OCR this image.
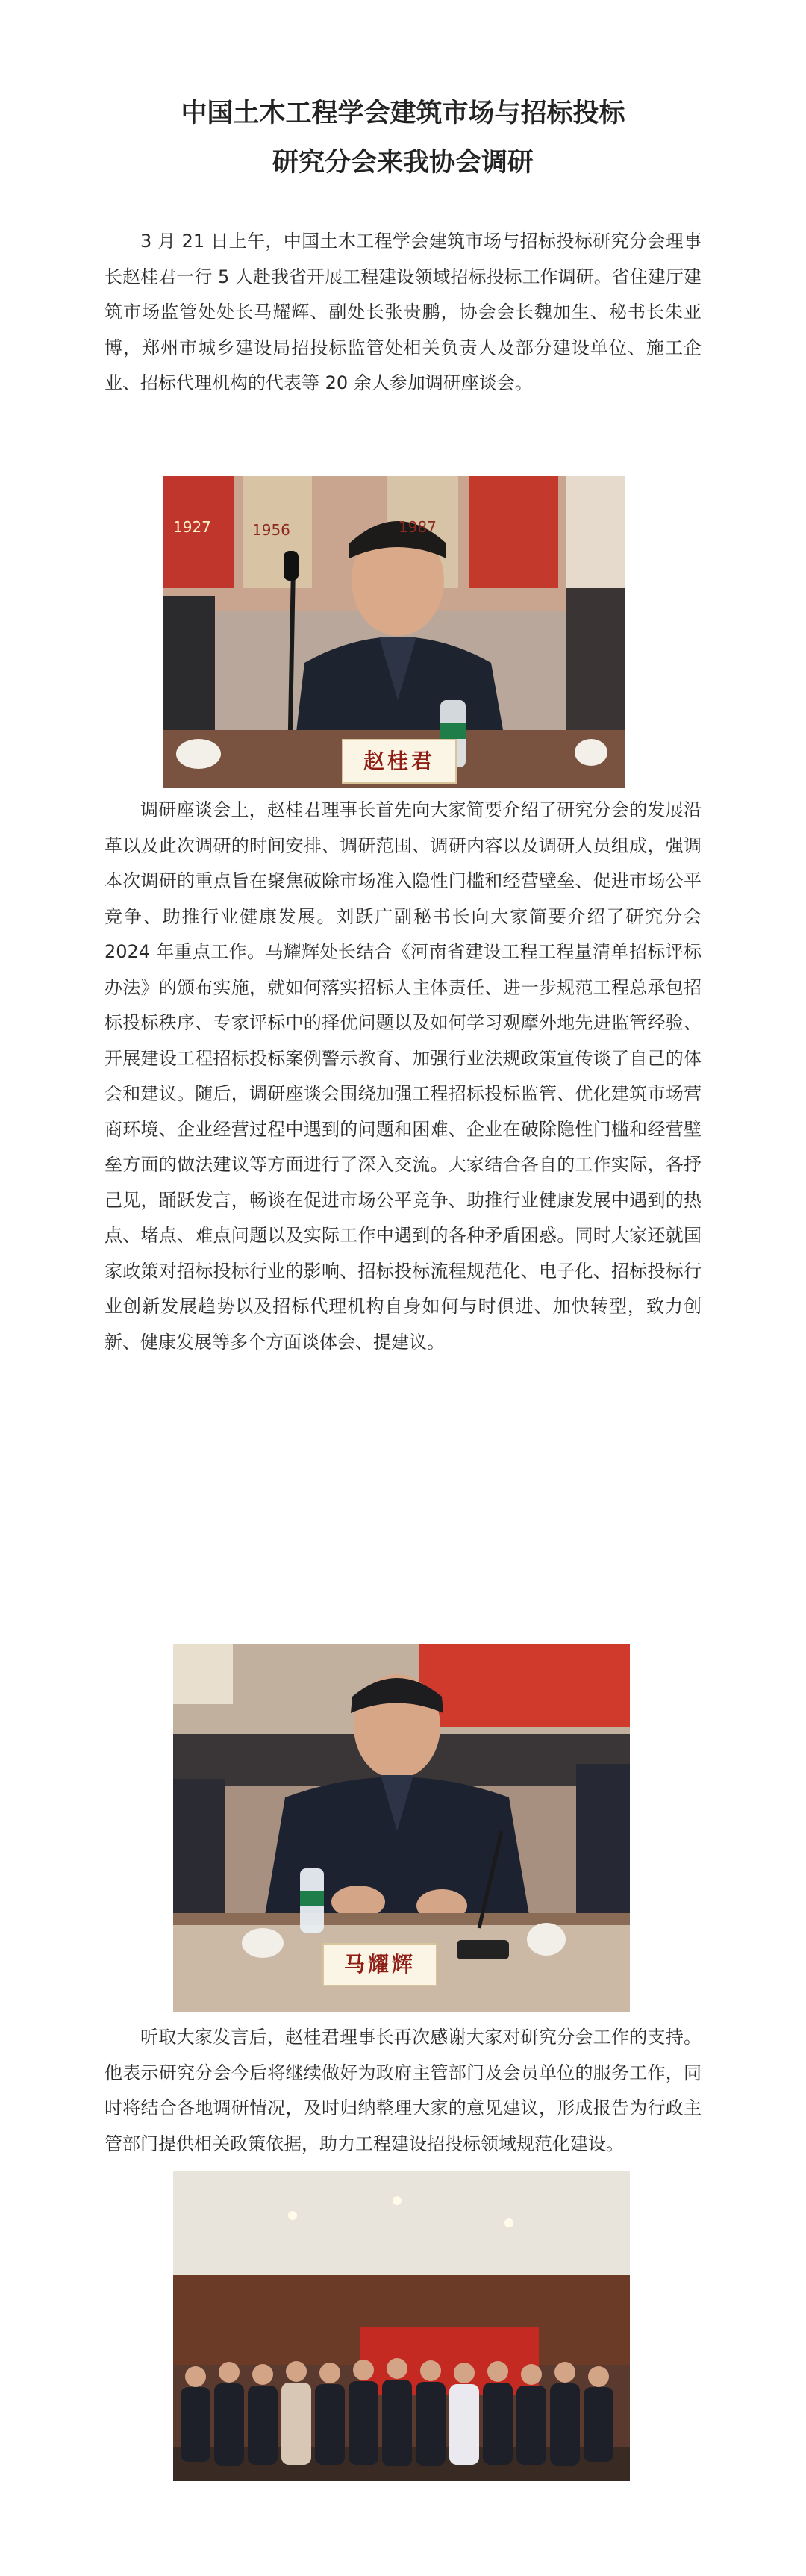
中国土木工程学会建筑市场与招标投标
研究分会来我协会调研

3 月 21 日上午，中国土木工程学会建筑市场与招标投标研究分会理事长赵桂君一行 5 人赴我省开展工程建设领域招标投标工作调研。省住建厅建筑市场监管处处长马耀辉、副处长张贵鹏，协会会长魏加生、秘书长朱亚博，郑州市城乡建设局招投标监管处相关负责人及部分建设单位、施工企业、招标代理机构的代表等 20 余人参加调研座谈会。

1927	1956	1987
赵桂君

调研座谈会上，赵桂君理事长首先向大家简要介绍了研究分会的发展沿革以及此次调研的时间安排、调研范围、调研内容以及调研人员组成，强调本次调研的重点旨在聚焦破除市场准入隐性门槛和经营壁垒、促进市场公平竞争、助推行业健康发展。刘跃广副秘书长向大家简要介绍了研究分会 2024 年重点工作。马耀辉处长结合《河南省建设工程工程量清单招标评标办法》的颁布实施，就如何落实招标人主体责任、进一步规范工程总承包招标投标秩序、专家评标中的择优问题以及如何学习观摩外地先进监管经验、开展建设工程招标投标案例警示教育、加强行业法规政策宣传谈了自己的体会和建议。随后，调研座谈会围绕加强工程招标投标监管、优化建筑市场营商环境、企业经营过程中遇到的问题和困难、企业在破除隐性门槛和经营壁垒方面的做法建议等方面进行了深入交流。大家结合各自的工作实际，各抒己见，踊跃发言，畅谈在促进市场公平竞争、助推行业健康发展中遇到的热点、堵点、难点问题以及实际工作中遇到的各种矛盾困惑。同时大家还就国家政策对招标投标行业的影响、招标投标流程规范化、电子化、招标投标行业创新发展趋势以及招标代理机构自身如何与时俱进、加快转型，致力创新、健康发展等多个方面谈体会、提建议。

马耀辉

听取大家发言后，赵桂君理事长再次感谢大家对研究分会工作的支持。他表示研究分会今后将继续做好为政府主管部门及会员单位的服务工作，同时将结合各地调研情况，及时归纳整理大家的意见建议，形成报告为行政主管部门提供相关政策依据，助力工程建设招投标领域规范化建设。
